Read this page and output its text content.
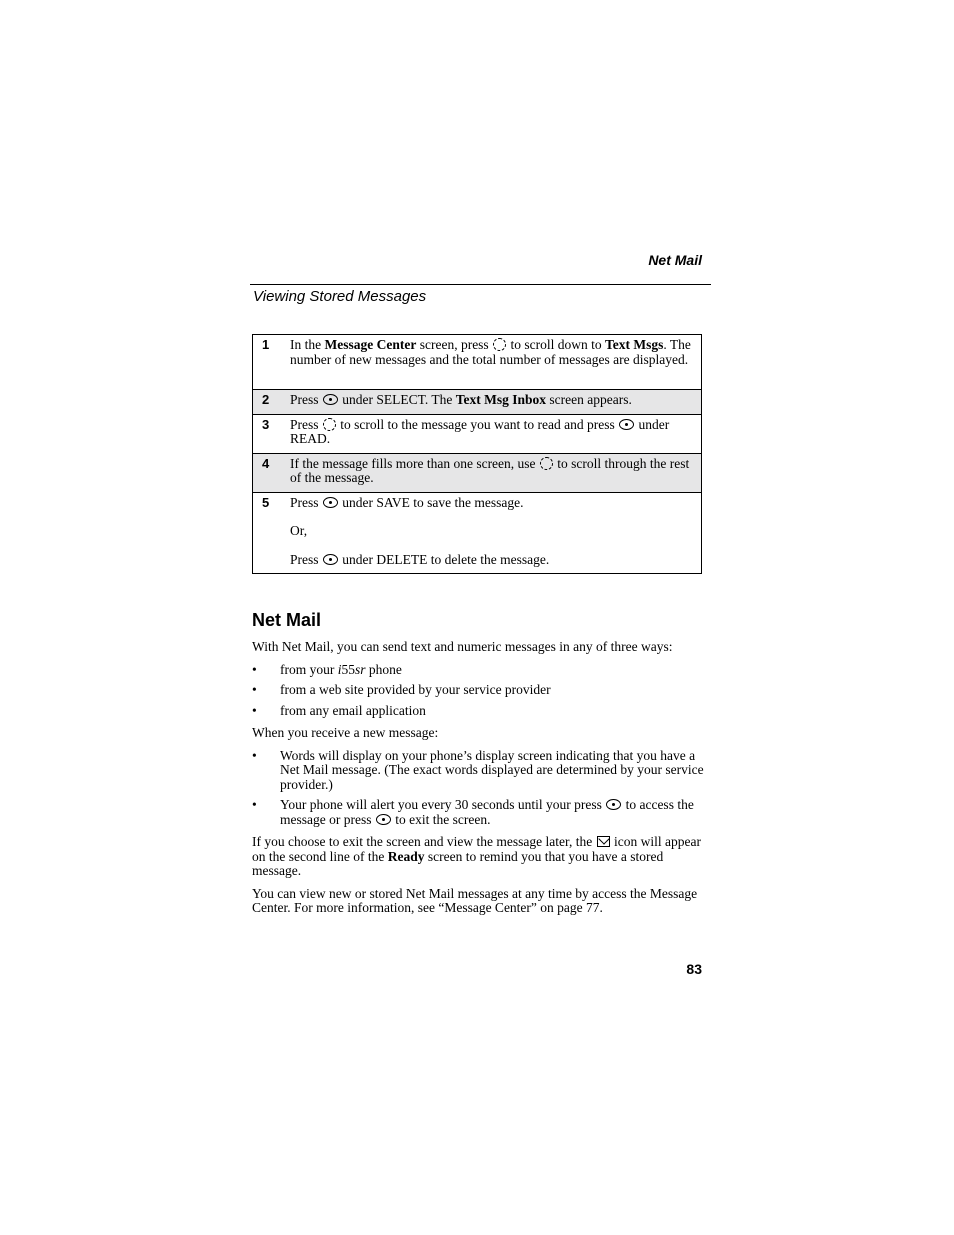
Net Mail
Viewing Stored Messages
1	In the Message Center screen, press  to scroll down to Text Msgs. The number of new messages and the total number of messages are displayed.
2	Press  under SELECT. The Text Msg Inbox screen appears.
3	Press  to scroll to the message you want to read and press  under READ.
4	If the message fills more than one screen, use  to scroll through the rest of the message.
5	Press  under SAVE to save the message.

Or,

Press  under DELETE to delete the message.

Net Mail

With Net Mail, you can send text and numeric messages in any of three ways:

• from your i55sr phone
• from a web site provided by your service provider
• from any email application

When you receive a new message:

• Words will display on your phone’s display screen indicating that you have a Net Mail message. (The exact words displayed are determined by your service provider.)
• Your phone will alert you every 30 seconds until your press  to access the message or press  to exit the screen.

If you choose to exit the screen and view the message later, the  icon will appear on the second line of the Ready screen to remind you that you have a stored message.

You can view new or stored Net Mail messages at any time by access the Message Center. For more information, see “Message Center” on page 77.

83
